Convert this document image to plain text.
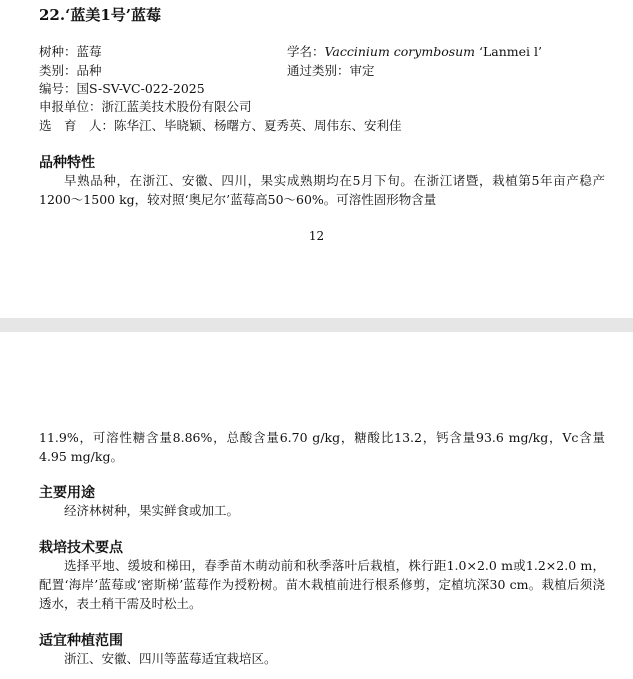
22.‘蓝美1号’蓝莓
树种：蓝莓	学名：Vaccinium corymbosum ‘Lanmei l’
类别：品种	通过类别：审定
编号：国S-SV-VC-022-2025
申报单位：浙江蓝美技术股份有限公司
选　育　人：陈华江、毕晓颖、杨曙方、夏秀英、周伟东、安利佳
品种特性
早熟品种，在浙江、安徽、四川，果实成熟期均在5月下旬。在浙江诸暨，栽植第5年亩产稳产1200～1500 kg，较对照‘奥尼尔’蓝莓高50～60%。可溶性固形物含量
12
11.9%，可溶性糖含量8.86%，总酸含量6.70 g/kg，糖酸比13.2，钙含量93.6 mg/kg，Vc含量4.95 mg/kg。
主要用途
经济林树种，果实鲜食或加工。
栽培技术要点
选择平地、缓坡和梯田，春季苗木萌动前和秋季落叶后栽植，株行距1.0×2.0 m或1.2×2.0 m，配置‘海岸’蓝莓或‘密斯梯’蓝莓作为授粉树。苗木栽植前进行根系修剪，定植坑深30 cm。栽植后须浇透水，表土稍干需及时松土。
适宜种植范围
浙江、安徽、四川等蓝莓适宜栽培区。
